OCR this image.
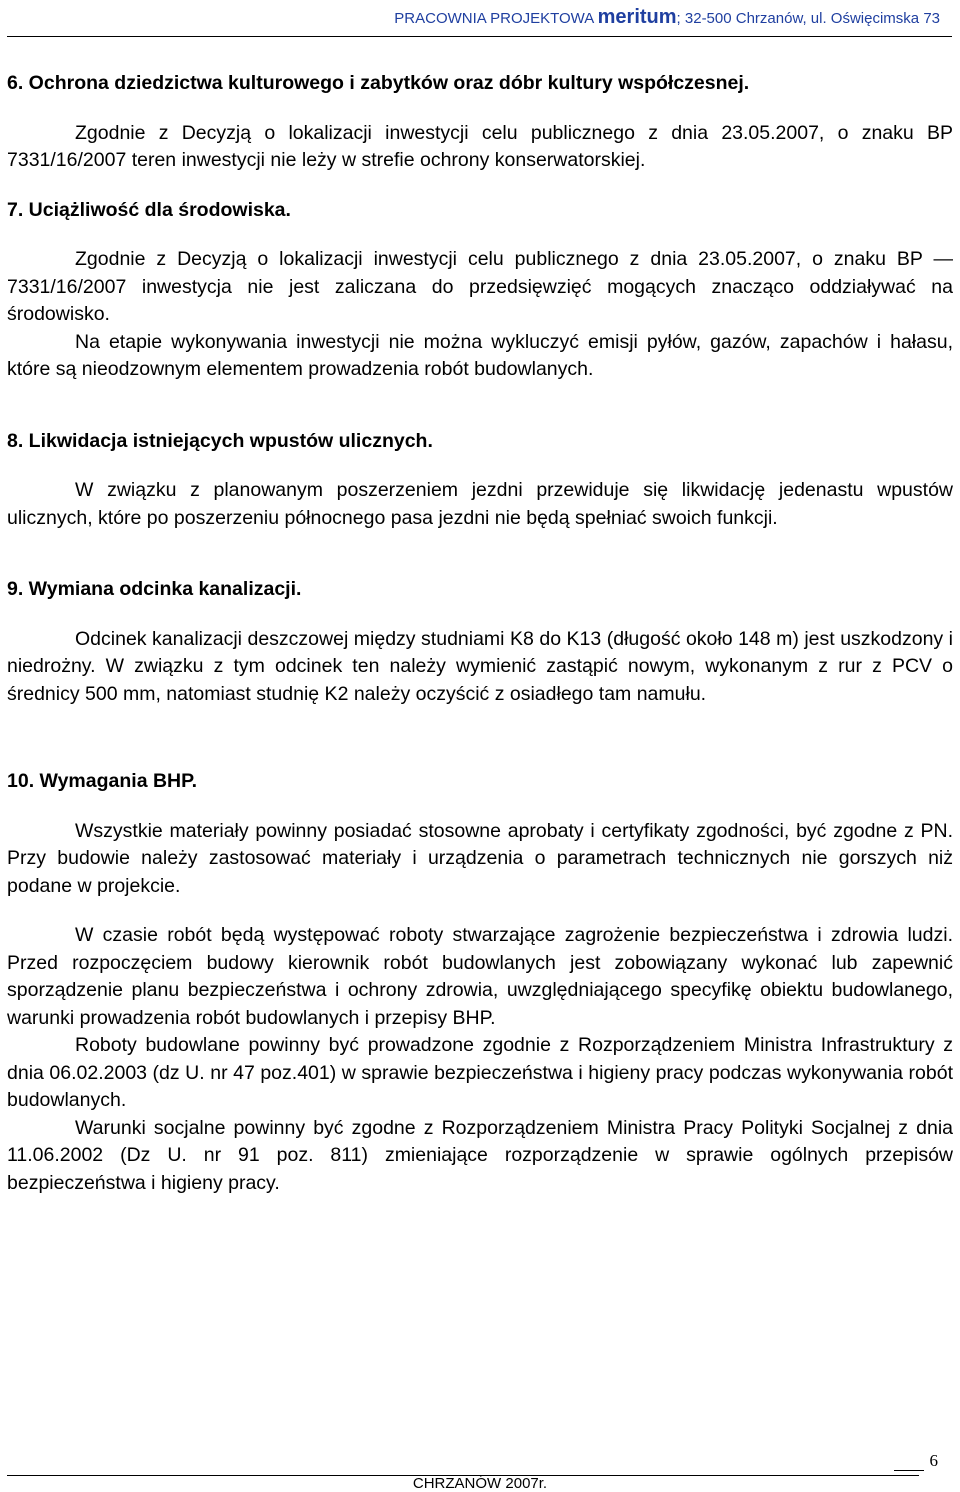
PRACOWNIA PROJEKTOWA meritum; 32-500 Chrzanów, ul. Oświęcimska 73
6. Ochrona dziedzictwa kulturowego i zabytków oraz dóbr kultury współczesnej.

Zgodnie z Decyzją o lokalizacji inwestycji celu publicznego z dnia 23.05.2007, o znaku BP 7331/16/2007 teren inwestycji nie leży w strefie ochrony konserwatorskiej.

7. Uciążliwość dla środowiska.

Zgodnie z Decyzją o lokalizacji inwestycji celu publicznego z dnia 23.05.2007, o znaku BP — 7331/16/2007 inwestycja nie jest zaliczana do przedsięwzięć mogących znacząco oddziaływać na środowisko.

Na etapie wykonywania inwestycji nie można wykluczyć emisji pyłów, gazów, zapachów i hałasu, które są nieodzownym elementem prowadzenia robót budowlanych.

8. Likwidacja istniejących wpustów ulicznych.

W związku z planowanym poszerzeniem jezdni przewiduje się likwidację jedenastu wpustów ulicznych, które po poszerzeniu północnego pasa jezdni nie będą spełniać swoich funkcji.

9. Wymiana odcinka kanalizacji.

Odcinek kanalizacji deszczowej między studniami K8 do K13 (długość około 148 m) jest uszkodzony i niedrożny. W związku z tym odcinek ten należy wymienić zastąpić nowym, wykonanym z rur z PCV o średnicy 500 mm, natomiast studnię K2 należy oczyścić z osiadłego tam namułu.

10. Wymagania BHP.

Wszystkie materiały powinny posiadać stosowne aprobaty i certyfikaty zgodności, być zgodne z PN. Przy budowie należy zastosować materiały i urządzenia o parametrach technicznych nie gorszych niż podane w projekcie.

W czasie robót będą występować roboty stwarzające zagrożenie bezpieczeństwa i zdrowia ludzi. Przed rozpoczęciem budowy kierownik robót budowlanych jest zobowiązany wykonać lub zapewnić sporządzenie planu bezpieczeństwa i ochrony zdrowia, uwzględniającego specyfikę obiektu budowlanego, warunki prowadzenia robót budowlanych i przepisy BHP.

Roboty budowlane powinny być prowadzone zgodnie z Rozporządzeniem Ministra Infrastruktury z dnia 06.02.2003 (dz U. nr 47 poz.401) w sprawie bezpieczeństwa i higieny pracy podczas wykonywania robót budowlanych.

Warunki socjalne powinny być zgodne z Rozporządzeniem Ministra Pracy Polityki Socjalnej z dnia 11.06.2002 (Dz U. nr 91 poz. 811) zmieniające rozporządzenie w sprawie ogólnych przepisów bezpieczeństwa i higieny pracy.

6
CHRZANÓW 2007r.
